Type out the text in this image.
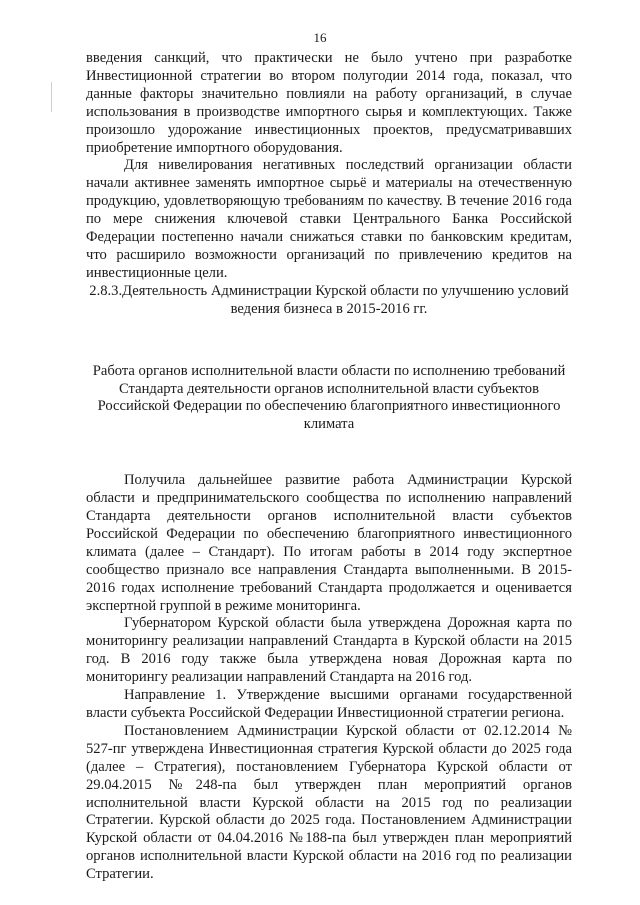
16

введения санкций, что практически не было учтено при разработке Инвестиционной стратегии во втором полугодии 2014 года, показал, что данные факторы значительно повлияли на работу организаций, в случае использования в производстве импортного сырья и комплектующих. Также произошло удорожание инвестиционных проектов, предусматривавших приобретение импортного оборудования.

Для нивелирования негативных последствий организации области начали активнее заменять импортное сырьё и материалы на отечественную продукцию, удовлетворяющую требованиям по качеству. В течение 2016 года по мере снижения ключевой ставки Центрального Банка Российской Федерации постепенно начали снижаться ставки по банковским кредитам, что расширило возможности организаций по привлечению кредитов на инвестиционные цели.

2.8.3.Деятельность Администрации Курской области по улучшению условий ведения бизнеса в 2015-2016 гг.

Работа органов исполнительной власти области по исполнению требований Стандарта деятельности органов исполнительной власти субъектов Российской Федерации по обеспечению благоприятного инвестиционного климата

Получила дальнейшее развитие работа Администрации Курской области и предпринимательского сообщества по исполнению направлений Стандарта деятельности органов исполнительной власти субъектов Российской Федерации по обеспечению благоприятного инвестиционного климата (далее – Стандарт). По итогам работы в 2014 году экспертное сообщество признало все направления Стандарта выполненными. В 2015-2016 годах исполнение требований Стандарта продолжается и оценивается экспертной группой в режиме мониторинга.

Губернатором Курской области была утверждена Дорожная карта по мониторингу реализации направлений Стандарта в Курской области на 2015 год. В 2016 году также была утверждена новая Дорожная карта по мониторингу реализации направлений Стандарта на 2016 год.

Направление 1. Утверждение высшими органами государственной власти субъекта Российской Федерации Инвестиционной стратегии региона.

Постановлением Администрации Курской области от 02.12.2014 № 527-пг утверждена Инвестиционная стратегия Курской области до 2025 года (далее – Стратегия), постановлением Губернатора Курской области от 29.04.2015 №248-па был утвержден план мероприятий органов исполнительной власти Курской области на 2015 год по реализации Стратегии. Курской области до 2025 года. Постановлением Администрации Курской области от 04.04.2016 №188-па был утвержден план мероприятий органов исполнительной власти Курской области на 2016 год по реализации Стратегии.
